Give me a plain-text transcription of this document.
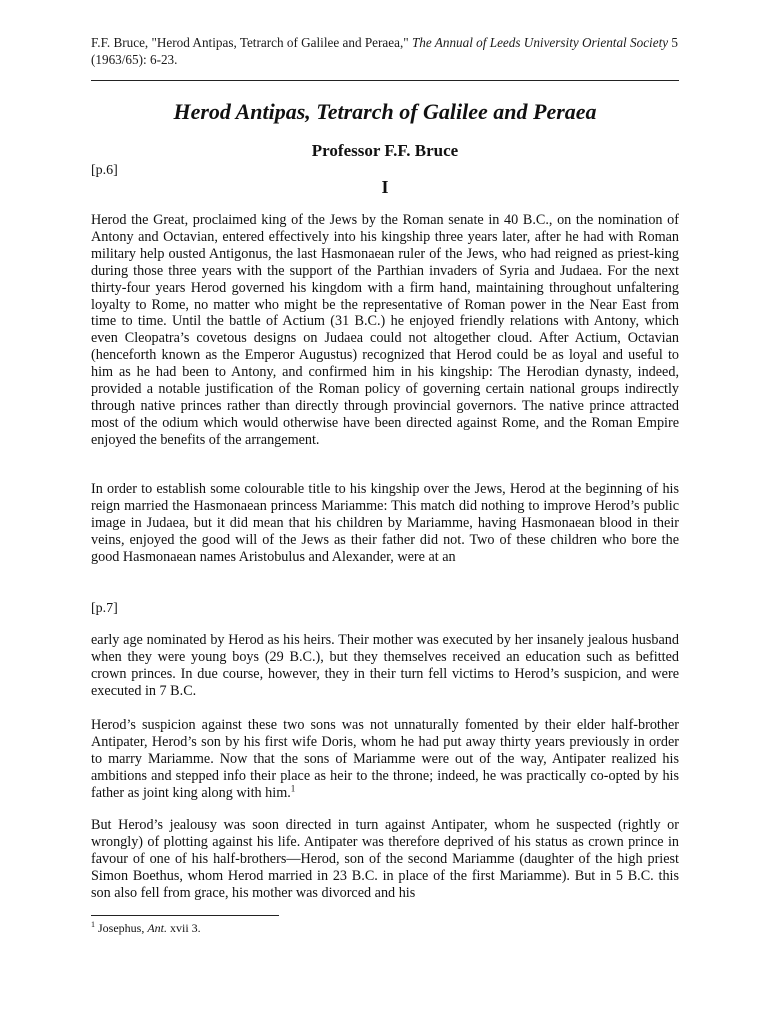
F.F. Bruce, "Herod Antipas, Tetrarch of Galilee and Peraea," The Annual of Leeds University Oriental Society 5 (1963/65): 6-23.
Herod Antipas, Tetrarch of Galilee and Peraea
Professor F.F. Bruce
[p.6]
I

Herod the Great, proclaimed king of the Jews by the Roman senate in 40 B.C., on the nomination of Antony and Octavian, entered effectively into his kingship three years later, after he had with Roman military help ousted Antigonus, the last Hasmonaean ruler of the Jews, who had reigned as priest-king during those three years with the support of the Parthian invaders of Syria and Judaea. For the next thirty-four years Herod governed his kingdom with a firm hand, maintaining throughout unfaltering loyalty to Rome, no matter who might be the representative of Roman power in the Near East from time to time. Until the battle of Actium (31 B.C.) he enjoyed friendly relations with Antony, which even Cleopatra’s covetous designs on Judaea could not altogether cloud. After Actium, Octavian (henceforth known as the Emperor Augustus) recognized that Herod could be as loyal and useful to him as he had been to Antony, and confirmed him in his kingship: The Herodian dynasty, indeed, provided a notable justification of the Roman policy of governing certain national groups indirectly through native princes rather than directly through provincial governors. The native prince attracted most of the odium which would otherwise have been directed against Rome, and the Roman Empire enjoyed the benefits of the arrangement.

In order to establish some colourable title to his kingship over the Jews, Herod at the beginning of his reign married the Hasmonaean princess Mariamme: This match did nothing to improve Herod’s public image in Judaea, but it did mean that his children by Mariamme, having Hasmonaean blood in their veins, enjoyed the good will of the Jews as their father did not. Two of these children who bore the good Hasmonaean names Aristobulus and Alexander, were at an

[p.7]

early age nominated by Herod as his heirs. Their mother was executed by her insanely jealous husband when they were young boys (29 B.C.), but they themselves received an education such as befitted crown princes. In due course, however, they in their turn fell victims to Herod’s suspicion, and were executed in 7 B.C.

Herod’s suspicion against these two sons was not unnaturally fomented by their elder half-brother Antipater, Herod’s son by his first wife Doris, whom he had put away thirty years previously in order to marry Mariamme. Now that the sons of Mariamme were out of the way, Antipater realized his ambitions and stepped info their place as heir to the throne; indeed, he was practically co-opted by his father as joint king along with him.$^1$

But Herod’s jealousy was soon directed in turn against Antipater, whom he suspected (rightly or wrongly) of plotting against his life. Antipater was therefore deprived of his status as crown prince in favour of one of his half-brothers—Herod, son of the second Mariamme (daughter of the high priest Simon Boethus, whom Herod married in 23 B.C. in place of the first Mariamme). But in 5 B.C. this son also fell from grace, his mother was divorced and his

$^1$ Josephus, Ant. xvii 3.
